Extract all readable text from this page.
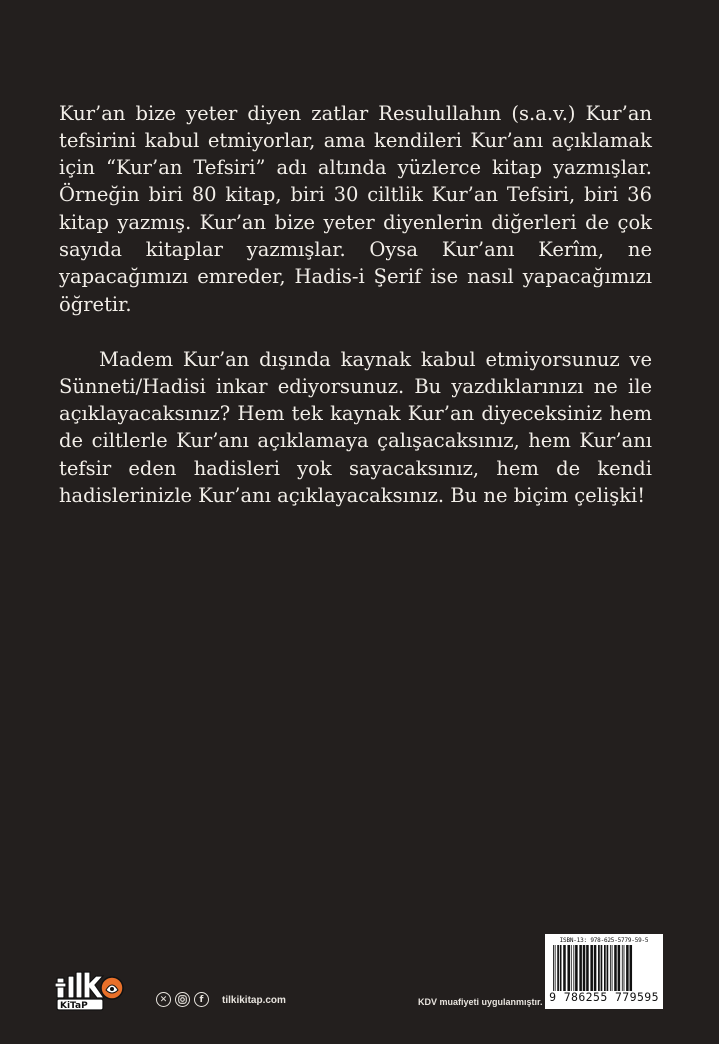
Kur’an bize yeter diyen zatlar Resulullahın (s.a.v.) Kur’an tefsirini kabul etmiyorlar, ama kendileri Kur’anı açıklamak için “Kur’an Tefsiri” adı altında yüzlerce kitap yazmışlar. Örneğin biri 80 kitap, biri 30 ciltlik Kur’an Tefsiri, biri 36 kitap yazmış. Kur’an bize yeter diyenlerin diğerleri de çok sayıda kitaplar yazmışlar. Oysa Kur’anı Kerîm, ne yapacağımızı emreder, Hadis-i Şerif ise nasıl yapacağımızı öğretir.

Madem Kur’an dışında kaynak kabul etmiyorsunuz ve Sünneti/Hadisi inkar ediyorsunuz. Bu yazdıklarınızı ne ile açıklayacaksınız? Hem tek kaynak Kur’an diyeceksiniz hem de ciltlerle Kur’anı açıklamaya çalışacaksınız, hem Kur’anı tefsir eden hadisleri yok sayacaksınız, hem de kendi hadislerinizle Kur’anı açıklayacaksınız. Bu ne biçim çelişki!

KiTaP
✕	f	tilkikitap.com	KDV muafiyeti uygulanmıştır.
ISBN-13: 978-625-5779-59-5
9 786255 779595
